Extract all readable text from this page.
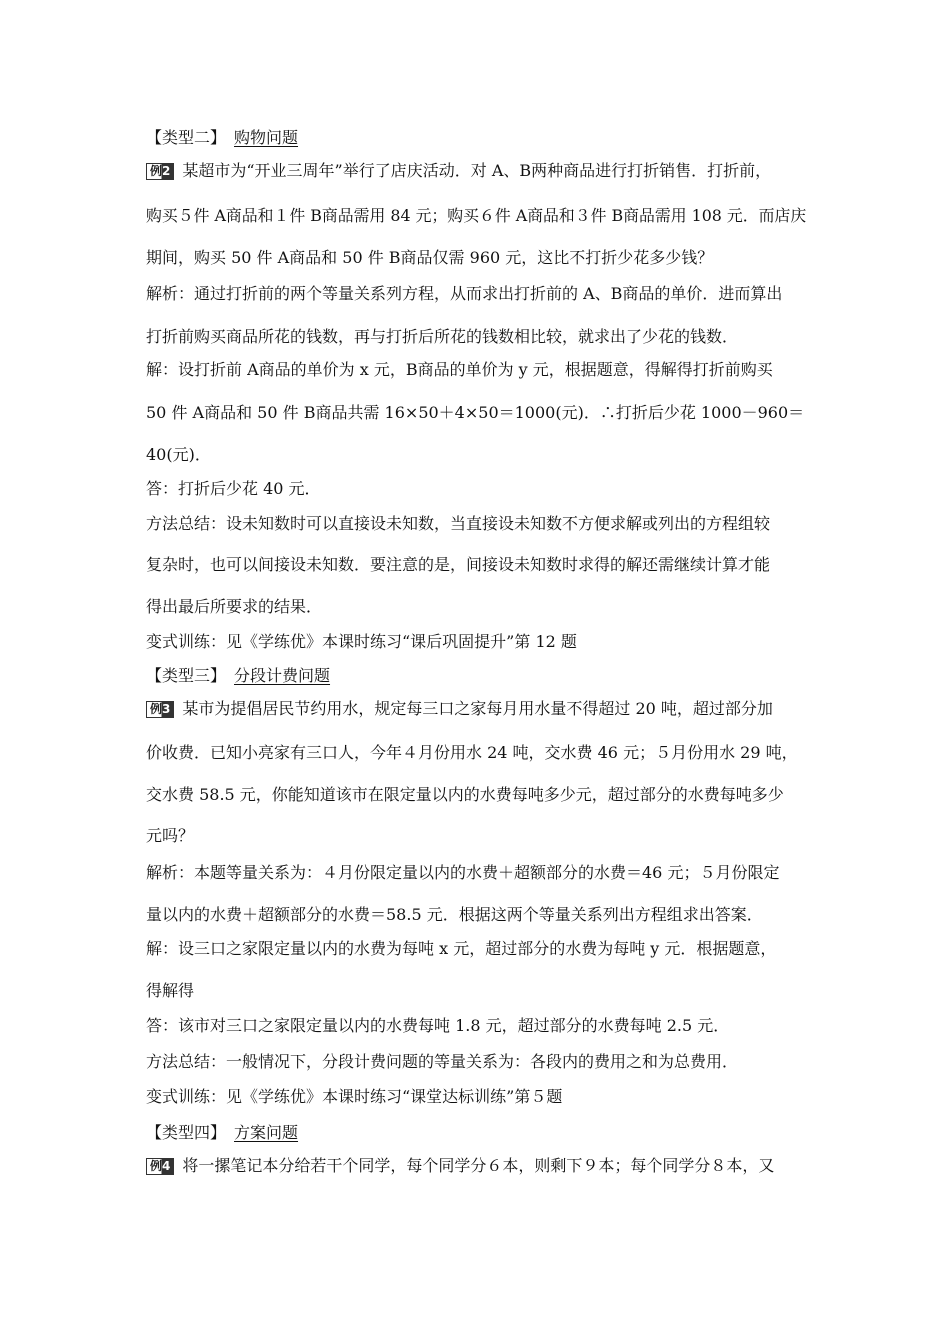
【类型二】 购物问题
例2 某超市为“开业三周年”举行了店庆活动．对 A、B两种商品进行打折销售．打折前，
购买５件 A商品和１件 B商品需用 84 元；购买６件 A商品和３件 B商品需用 108 元．而店庆
期间，购买 50 件 A商品和 50 件 B商品仅需 960 元，这比不打折少花多少钱？
解析：通过打折前的两个等量关系列方程，从而求出打折前的 A、B商品的单价．进而算出
打折前购买商品所花的钱数，再与打折后所花的钱数相比较，就求出了少花的钱数．
解：设打折前 A商品的单价为 x 元，B商品的单价为 y 元，根据题意，得解得打折前购买
50 件 A商品和 50 件 B商品共需 16×50＋4×50＝1000(元)．∴打折后少花 1000－960＝
40(元)．
答：打折后少花 40 元．
方法总结：设未知数时可以直接设未知数，当直接设未知数不方便求解或列出的方程组较
复杂时，也可以间接设未知数．要注意的是，间接设未知数时求得的解还需继续计算才能
得出最后所要求的结果．
变式训练：见《学练优》本课时练习“课后巩固提升”第 12 题
【类型三】 分段计费问题
例3 某市为提倡居民节约用水，规定每三口之家每月用水量不得超过 20 吨，超过部分加
价收费．已知小亮家有三口人，今年４月份用水 24 吨，交水费 46 元；５月份用水 29 吨，
交水费 58.5 元，你能知道该市在限定量以内的水费每吨多少元，超过部分的水费每吨多少
元吗？
解析：本题等量关系为：４月份限定量以内的水费＋超额部分的水费＝46 元；５月份限定
量以内的水费＋超额部分的水费＝58.5 元．根据这两个等量关系列出方程组求出答案．
解：设三口之家限定量以内的水费为每吨 x 元，超过部分的水费为每吨 y 元．根据题意，
得解得
答：该市对三口之家限定量以内的水费每吨 1.8 元，超过部分的水费每吨 2.5 元．
方法总结：一般情况下，分段计费问题的等量关系为：各段内的费用之和为总费用．
变式训练：见《学练优》本课时练习“课堂达标训练”第５题
【类型四】 方案问题
例4 将一摞笔记本分给若干个同学，每个同学分６本，则剩下９本；每个同学分８本，又
